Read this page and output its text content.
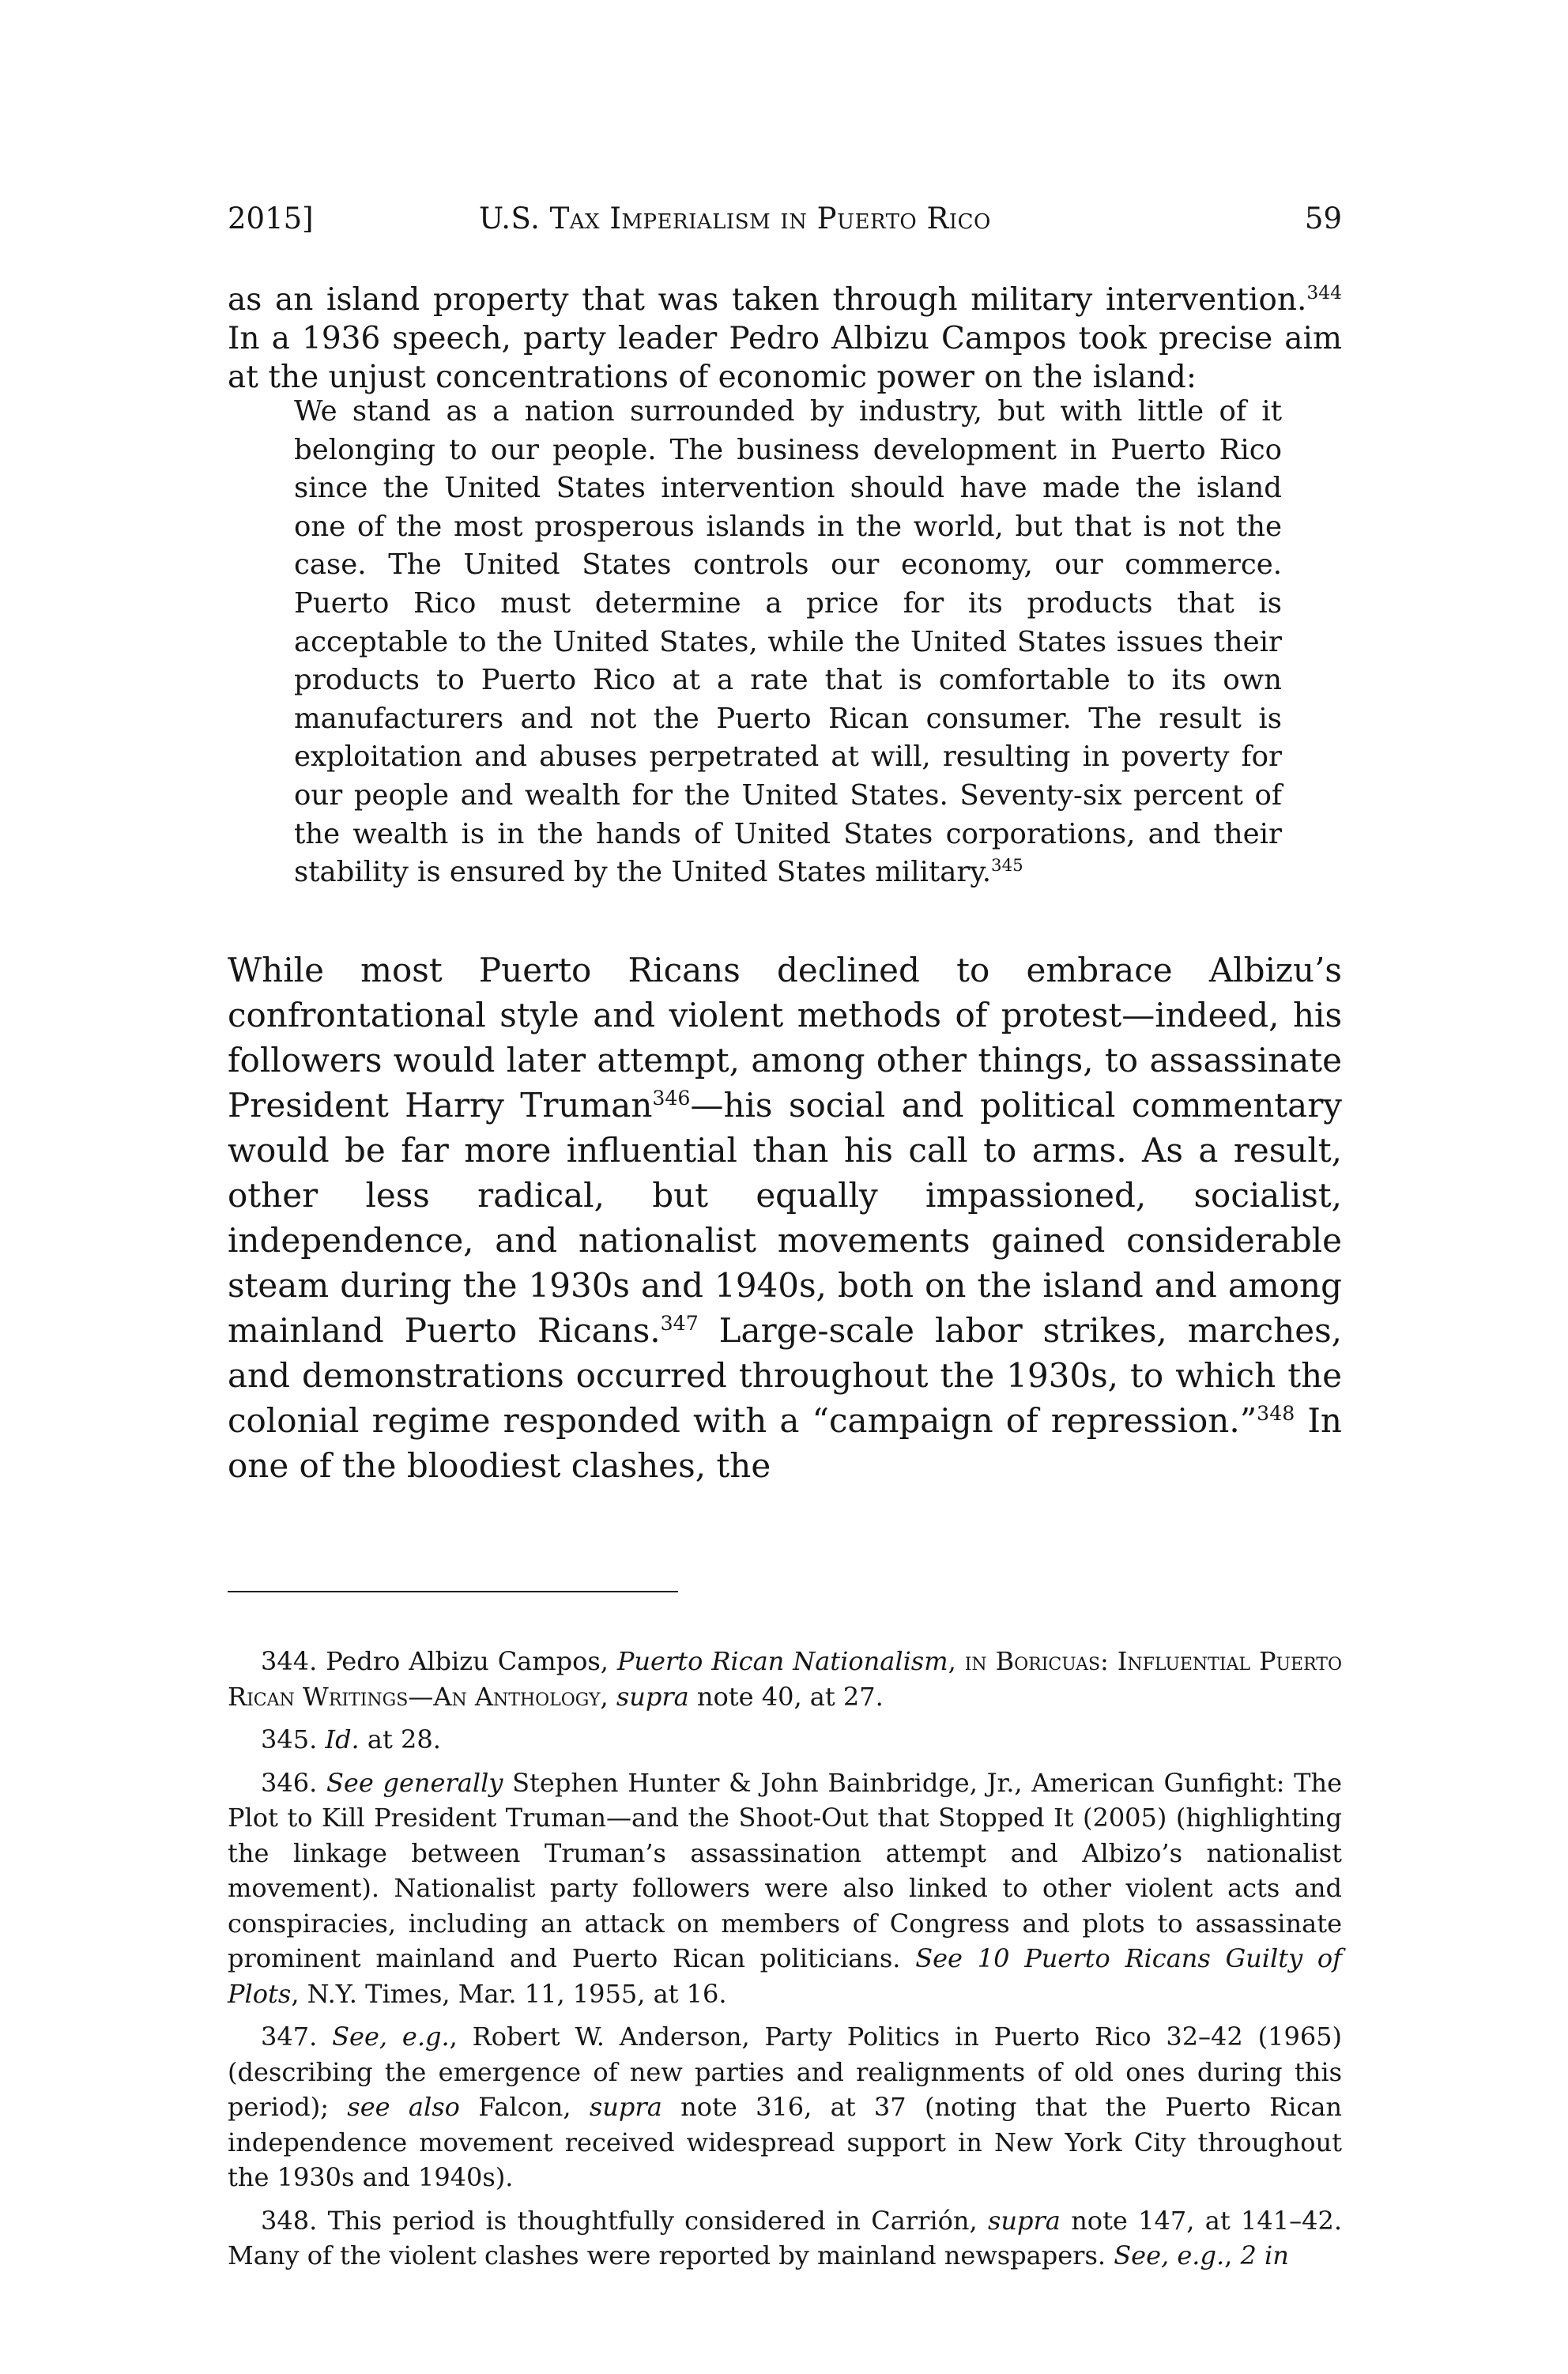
2015]	U.S. Tax Imperialism in Puerto Rico	59

as an island property that was taken through military intervention.$^{344}$ In a 1936 speech, party leader Pedro Albizu Campos took precise aim at the unjust concentrations of economic power on the island:

We stand as a nation surrounded by industry, but with little of it belonging to our people. The business development in Puerto Rico since the United States intervention should have made the island one of the most prosperous islands in the world, but that is not the case. The United States controls our economy, our commerce. Puerto Rico must determine a price for its products that is acceptable to the United States, while the United States issues their products to Puerto Rico at a rate that is comfortable to its own manufacturers and not the Puerto Rican consumer. The result is exploitation and abuses perpetrated at will, resulting in poverty for our people and wealth for the United States. Seventy-six percent of the wealth is in the hands of United States corporations, and their stability is ensured by the United States military.$^{345}$

While most Puerto Ricans declined to embrace Albizu’s confrontational style and violent methods of protest—indeed, his followers would later attempt, among other things, to assassinate President Harry Truman$^{346}$—his social and political commentary would be far more influential than his call to arms. As a result, other less radical, but equally impassioned, socialist, independence, and nationalist movements gained considerable steam during the 1930s and 1940s, both on the island and among mainland Puerto Ricans.$^{347}$ Large-scale labor strikes, marches, and demonstrations occurred throughout the 1930s, to which the colonial regime responded with a “campaign of repression.”$^{348}$ In one of the bloodiest clashes, the

344. Pedro Albizu Campos, Puerto Rican Nationalism, in Boricuas: Influential Puerto Rican Writings—An Anthology, supra note 40, at 27.

345. Id. at 28.

346. See generally Stephen Hunter & John Bainbridge, Jr., American Gunfight: The Plot to Kill President Truman—and the Shoot-Out that Stopped It (2005) (highlighting the linkage between Truman’s assassination attempt and Albizo’s nationalist movement). Nationalist party followers were also linked to other violent acts and conspiracies, including an attack on members of Congress and plots to assassinate prominent mainland and Puerto Rican politicians. See 10 Puerto Ricans Guilty of Plots, N.Y. Times, Mar. 11, 1955, at 16.

347. See, e.g., Robert W. Anderson, Party Politics in Puerto Rico 32–42 (1965) (describing the emergence of new parties and realignments of old ones during this period); see also Falcon, supra note 316, at 37 (noting that the Puerto Rican independence movement received widespread support in New York City throughout the 1930s and 1940s).

348. This period is thoughtfully considered in Carrión, supra note 147, at 141–42. Many of the violent clashes were reported by mainland newspapers. See, e.g., 2 in
